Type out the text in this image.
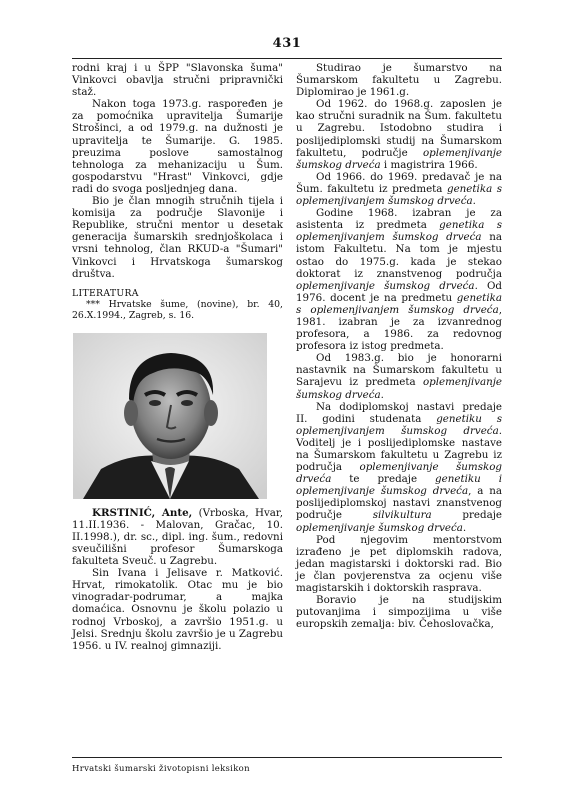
431

rodni kraj i u ŠPP "Slavonska šuma" Vinkovci obavlja stručni pripravnički staž.

Nakon toga 1973.g. raspoređen je za pomoćnika upravitelja Šumarije Strošinci, a od 1979.g. na dužnosti je upravitelja te Šumarije. G. 1985. preuzima poslove samostalnog tehnologa za mehanizaciju u Šum. gospodarstvu "Hrast" Vinkovci, gdje radi do svoga posljednjeg dana.

Bio je član mnogih stručnih tijela i komisija za područje Slavonije i Republike, stručni mentor u desetak generacija šumarskih srednjoškolaca i vrsni tehnolog, član RKUD-a "Šumari" Vinkovci i Hrvatskoga šumarskog društva.

LITERATURA
*** Hrvatske šume, (novine), br. 40, 26.X.1994., Zagreb, s. 16.

KRSTINIĆ, Ante, (Vrboska, Hvar, 11.II.1936. - Malovan, Gračac, 10. II.1998.), dr. sc., dipl. ing. šum., redovni sveučilišni profesor Šumarskoga fakulteta Sveuč. u Zagrebu.

Sin Ivana i Jelisave r. Matković. Hrvat, rimokatolik. Otac mu je bio vinogradar-podrumar, a majka domaćica. Osnovnu je školu polazio u rodnoj Vrboskoj, a završio 1951.g. u Jelsi. Srednju školu završio je u Zagrebu 1956. u IV. realnoj gimnaziji.

Studirao je šumarstvo na Šumarskom fakultetu u Zagrebu. Diplomirao je 1961.g.

Od 1962. do 1968.g. zaposlen je kao stručni suradnik na Šum. fakultetu u Zagrebu. Istodobno studira i poslijediplomski studij na Šumarskom fakultetu, područje oplemenjivanje šumskog drveća i magistrira 1966.

Od 1966. do 1969. predavač je na Šum. fakultetu iz predmeta genetika s oplemenjivanjem šumskog drveća.

Godine 1968. izabran je za asistenta iz predmeta genetika s oplemenjivanjem šumskog drveća na istom Fakultetu. Na tom je mjestu ostao do 1975.g. kada je stekao doktorat iz znanstvenog područja oplemenjivanje šumskog drveća. Od 1976. docent je na predmetu genetika s oplemenjivanjem šumskog drveća, 1981. izabran je za izvanrednog profesora, a 1986. za redovnog profesora iz istog predmeta.

Od 1983.g. bio je honorarni nastavnik na Šumarskom fakultetu u Sarajevu iz predmeta oplemenjivanje šumskog drveća.

Na dodiplomskoj nastavi predaje II. godini studenata genetiku s oplemenjivanjem šumskog drveća. Voditelj je i poslijediplomske nastave na Šumarskom fakultetu u Zagrebu iz područja oplemenjivanje šumskog drveća te predaje genetiku i oplemenjivanje šumskog drveća, a na poslijediplomskoj nastavi znanstvenog područje silvikultura predaje oplemenjivanje šumskog drveća.

Pod njegovim mentorstvom izrađeno je pet diplomskih radova, jedan magistarski i doktorski rad. Bio je član povjerenstva za ocjenu više magistarskih i doktorskih rasprava.

Boravio je na studijskim putovanjima i simpozijima u više europskih zemalja: biv. Čehoslovačka,

Hrvatski šumarski životopisni leksikon
